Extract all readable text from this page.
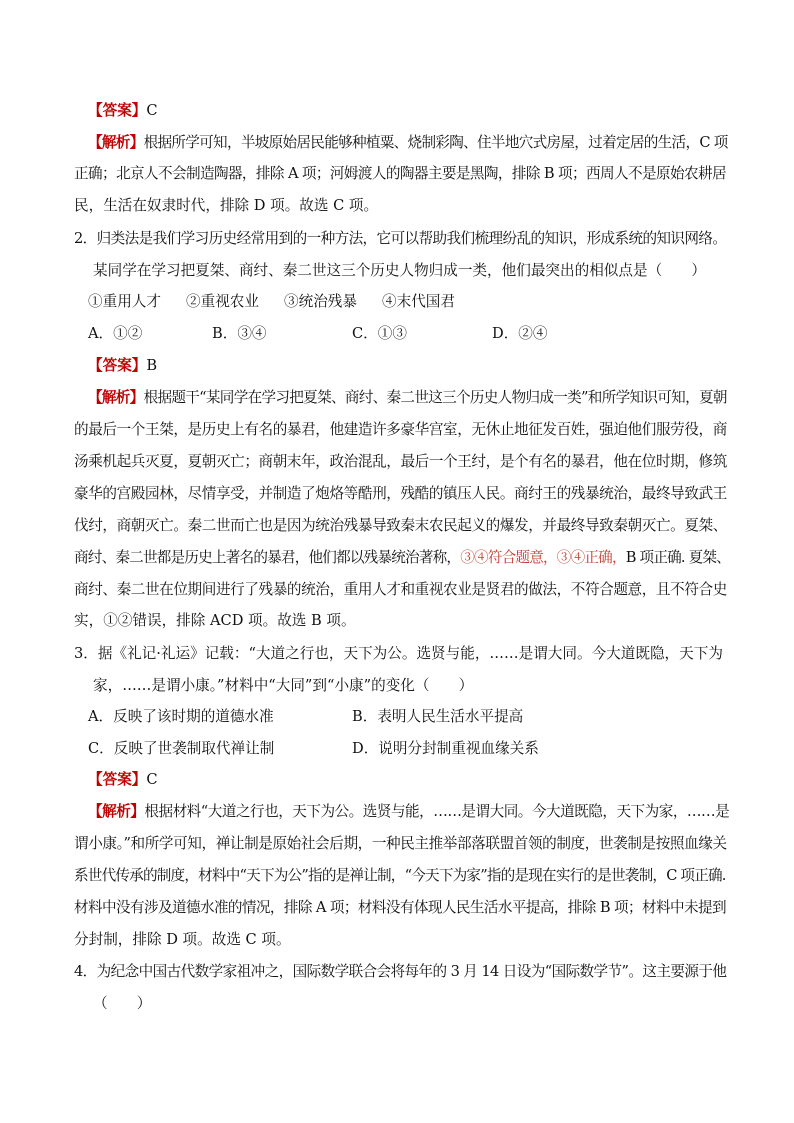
【答案】C
【解析】根据所学可知，半坡原始居民能够种植粟、烧制彩陶、住半地穴式房屋，过着定居的生活，C 项
正确；北京人不会制造陶器，排除 A 项；河姆渡人的陶器主要是黑陶，排除 B 项；西周人不是原始农耕居
民，生活在奴隶时代，排除 D 项。故选 C 项。
2．归类法是我们学习历史经常用到的一种方法，它可以帮助我们梳理纷乱的知识，形成系统的知识网络。
某同学在学习把夏桀、商纣、秦二世这三个历史人物归成一类，他们最突出的相似点是（　　）
①重用人才 ②重视农业 ③统治残暴 ④末代国君
A．①②	B．③④	C．①③	D．②④
【答案】B
【解析】根据题干“某同学在学习把夏桀、商纣、秦二世这三个历史人物归成一类”和所学知识可知，夏朝
的最后一个王桀，是历史上有名的暴君，他建造许多豪华宫室，无休止地征发百姓，强迫他们服劳役，商
汤乘机起兵灭夏，夏朝灭亡；商朝末年，政治混乱，最后一个王纣，是个有名的暴君，他在位时期，修筑
豪华的宫殿园林，尽情享受，并制造了炮烙等酷刑，残酷的镇压人民。商纣王的残暴统治，最终导致武王
伐纣，商朝灭亡。秦二世而亡也是因为统治残暴导致秦末农民起义的爆发，并最终导致秦朝灭亡。夏桀、
商纣、秦二世都是历史上著名的暴君，他们都以残暴统治著称，③④符合题意，③④正确，B 项正确. 夏桀、
商纣、秦二世在位期间进行了残暴的统治，重用人才和重视农业是贤君的做法，不符合题意，且不符合史
实，①②错误，排除 ACD 项。故选 B 项。
3．据《礼记·礼运》记载：“大道之行也，天下为公。选贤与能，……是谓大同。今大道既隐，天下为
家，……是谓小康。”材料中“大同”到“小康”的变化（　　）
A．反映了该时期的道德水准	B．表明人民生活水平提高
C．反映了世袭制取代禅让制	D．说明分封制重视血缘关系
【答案】C
【解析】根据材料“大道之行也，天下为公。选贤与能，……是谓大同。今大道既隐，天下为家，……是
谓小康。”和所学可知，禅让制是原始社会后期，一种民主推举部落联盟首领的制度，世袭制是按照血缘关
系世代传承的制度，材料中“天下为公”指的是禅让制，“今天下为家”指的是现在实行的是世袭制，C 项正确.
材料中没有涉及道德水准的情况，排除 A 项；材料没有体现人民生活水平提高，排除 B 项；材料中未提到
分封制，排除 D 项。故选 C 项。
4．为纪念中国古代数学家祖冲之，国际数学联合会将每年的 3 月 14 日设为“国际数学节”。这主要源于他
（　　）
